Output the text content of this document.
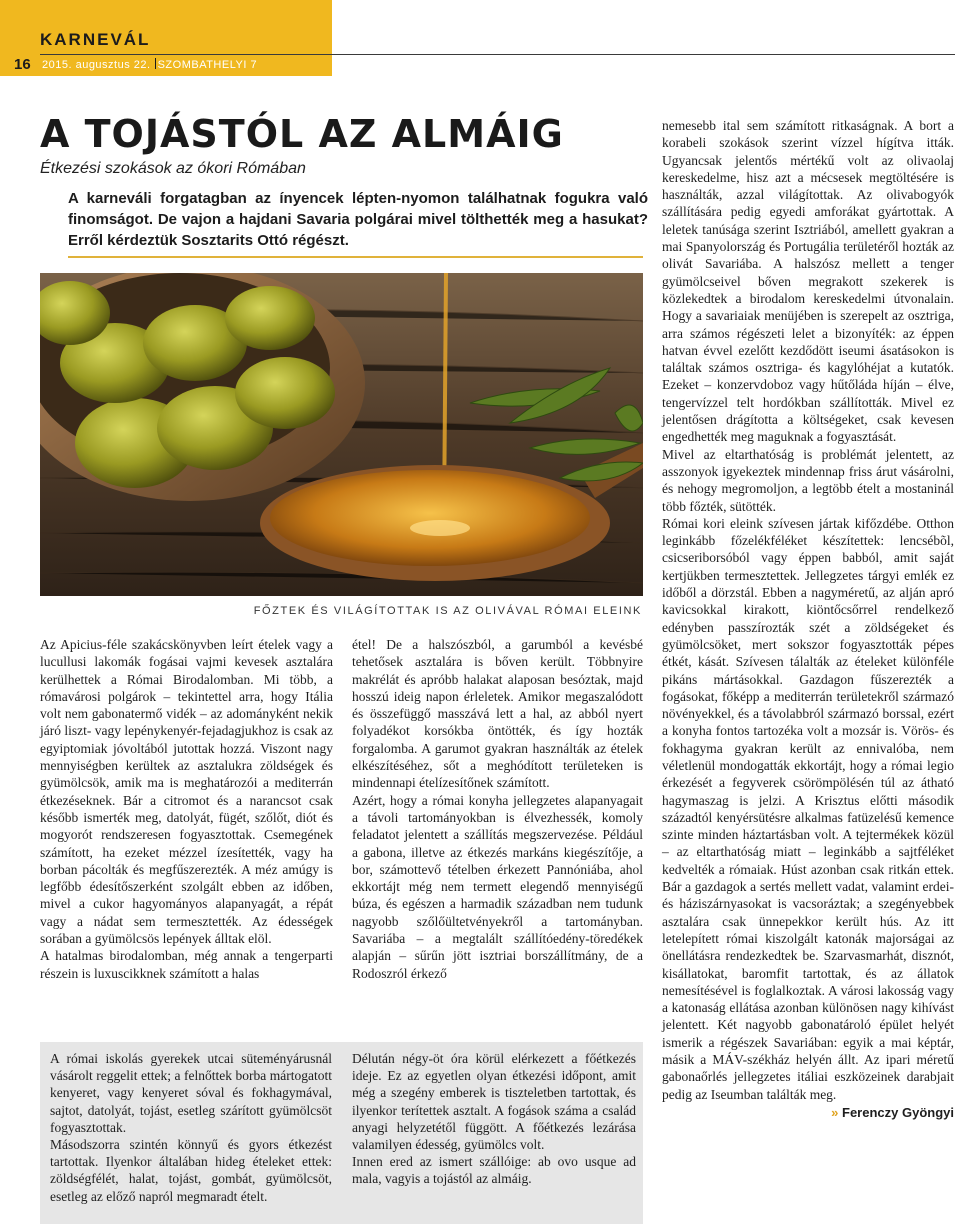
KARNEVÁL
16 2015. augusztus 22. SZOMBATHELYI 7
A TOJÁSTÓL AZ ALMÁIG
Étkezési szokások az ókori Rómában
A karneváli forgatagban az ínyencek lépten-nyomon találhatnak fogukra való finomságot. De vajon a hajdani Savaria polgárai mivel tölthették meg a hasukat? Erről kérdeztük Sosztarits Ottó régészt.
FŐZTEK ÉS VILÁGÍTOTTAK IS AZ OLIVÁVAL RÓMAI ELEINK

Az Apicius-féle szakácskönyvben leírt ételek vagy a lucullusi lakomák fogásai vajmi kevesek asztalára kerülhettek a Római Birodalomban. Mi több, a rómavárosi polgárok – tekintettel arra, hogy Itália volt nem gabonatermő vidék – az adományként nekik járó liszt- vagy lepénykenyér-fejadagjukhoz is csak az egyiptomiak jóvoltából jutottak hozzá. Viszont nagy mennyiségben kerültek az asztalukra zöldségek és gyümölcsök, amik ma is meghatározói a mediterrán étkezéseknek. Bár a citromot és a narancsot csak később ismerték meg, datolyát, fügét, szőlőt, diót és mogyorót rendszeresen fogyasztottak. Csemegének számított, ha ezeket mézzel ízesítették, vagy ha borban pácolták és megfűszerezték. A méz amúgy is legfőbb édesítőszerként szolgált ebben az időben, mivel a cukor hagyományos alapanyagát, a répát vagy a nádat sem termesztették. Az édességek sorában a gyümölcsös lepények álltak elöl.

A hatalmas birodalomban, még annak a tengerparti részein is luxuscikknek számított a halas

étel! De a halszószból, a garumból a kevésbé tehetősek asztalára is bőven került. Többnyire makrélát és apróbb halakat alaposan besóztak, majd hosszú ideig napon érleletek. Amikor megaszalódott és összefüggő masszává lett a hal, az abból nyert folyadékot korsókba öntötték, és így hozták forgalomba. A garumot gyakran használták az ételek elkészítéséhez, sőt a meghódított területeken is mindennapi ételízesítőnek számított.

Azért, hogy a római konyha jellegzetes alapanyagait a távoli tartományokban is élvezhessék, komoly feladatot jelentett a szállítás megszervezése. Például a gabona, illetve az étkezés markáns kiegészítője, a bor, számottevő tételben érkezett Pannóniába, ahol ekkortájt még nem termett elegendő mennyiségű búza, és egészen a harmadik században nem tudunk nagyobb szőlőültetvényekről a tartományban. Savariába – a megtalált szállítóedény-töredékek alapján – sűrűn jött isztriai borszállítmány, de a Rodoszról érkező

nemesebb ital sem számított ritkaságnak. A bort a korabeli szokások szerint vízzel hígítva itták. Ugyancsak jelentős mértékű volt az olivaolaj kereskedelme, hisz azt a mécsesek megtöltésére is használták, azzal világítottak. Az olivabogyók szállítására pedig egyedi amforákat gyártottak. A leletek tanúsága szerint Isztriából, amellett gyakran a mai Spanyolország és Portugália területéről hozták az olivát Savariába. A halszósz mellett a tenger gyümölcseivel bőven megrakott szekerek is közlekedtek a birodalom kereskedelmi útvonalain. Hogy a savariaiak menüjében is szerepelt az osztriga, arra számos régészeti lelet a bizonyíték: az éppen hatvan évvel ezelőtt kezdődött iseumi ásatásokon is találtak számos osztriga- és kagylóhéjat a kutatók. Ezeket – konzervdoboz vagy hűtőláda híján – élve, tengervízzel telt hordókban szállították. Mivel ez jelentősen drágította a költségeket, csak kevesen engedhették meg maguknak a fogyasztását.

Mivel az eltarthatóság is problémát jelentett, az asszonyok igyekeztek mindennap friss árut vásárolni, és nehogy megromoljon, a legtöbb ételt a mostaninál több főzték, sütötték.

Római kori eleink szívesen jártak kifőzdébe. Otthon leginkább főzelékféléket készítettek: lencsébõl, csicseriborsóból vagy éppen babból, amit saját kertjükben termesztettek. Jellegzetes tárgyi emlék ez időből a dörzstál. Ebben a nagyméretű, az alján apró kavicsokkal kirakott, kiöntőcsőrrel rendelkező edényben passzírozták szét a zöldségeket és gyümölcsöket, mert sokszor fogyasztották pépes étkét, kását. Szívesen tálalták az ételeket különféle pikáns mártásokkal. Gazdagon fűszerezték a fogásokat, főképp a mediterrán területekről származó növényekkel, és a távolabbról származó borssal, ezért a konyha fontos tartozéka volt a mozsár is. Vörös- és fokhagyma gyakran került az ennivalóba, nem véletlenül mondogatták ekkortájt, hogy a római legio érkezését a fegyverek csörömpölésén túl az átható hagymaszag is jelzi. A Krisztus előtti második századtól kenyérsütésre alkalmas fatüzelésű kemence szinte minden háztartásban volt. A tejtermékek közül – az eltarthatóság miatt – leginkább a sajtféléket kedvelték a rómaiak. Húst azonban csak ritkán ettek. Bár a gazdagok a sertés mellett vadat, valamint erdei- és háziszárnyasokat is vacsoráztak; a szegényebbek asztalára csak ünnepekkor került hús. Az itt letelepített római kiszolgált katonák majorságai az önellátásra rendezkedtek be. Szarvasmarhát, disznót, kisállatokat, baromfit tartottak, és az állatok nemesítésével is foglalkoztak. A városi lakosság vagy a katonaság ellátása azonban különösen nagy kihívást jelentett. Két nagyobb gabonatároló épület helyét ismerik a régészek Savariában: egyik a mai képtár, másik a MÁV-székház helyén állt. Az ipari méretű gabonaőrlés jellegzetes itáliai eszközeinek darabjait pedig az Iseumban találták meg.

» Ferenczy Gyöngyi

A római iskolás gyerekek utcai süteményárusnál vásárolt reggelit ettek; a felnőttek borba mártogatott kenyeret, vagy kenyeret sóval és fokhagymával, sajtot, datolyát, tojást, esetleg szárított gyümölcsöt fogyasztottak.

Másodszorra szintén könnyű és gyors étkezést tartottak. Ilyenkor általában hideg ételeket ettek: zöldségfélét, halat, tojást, gombát, gyümölcsöt, esetleg az előző napról megmaradt ételt.

Délután négy-öt óra körül elérkezett a főétkezés ideje. Ez az egyetlen olyan étkezési időpont, amit még a szegény emberek is tiszteletben tartottak, és ilyenkor terítettek asztalt. A fogások száma a család anyagi helyzetétől függött. A főétkezés lezárása valamilyen édesség, gyümölcs volt.

Innen ered az ismert szállóige: ab ovo usque ad mala, vagyis a tojástól az almáig.
